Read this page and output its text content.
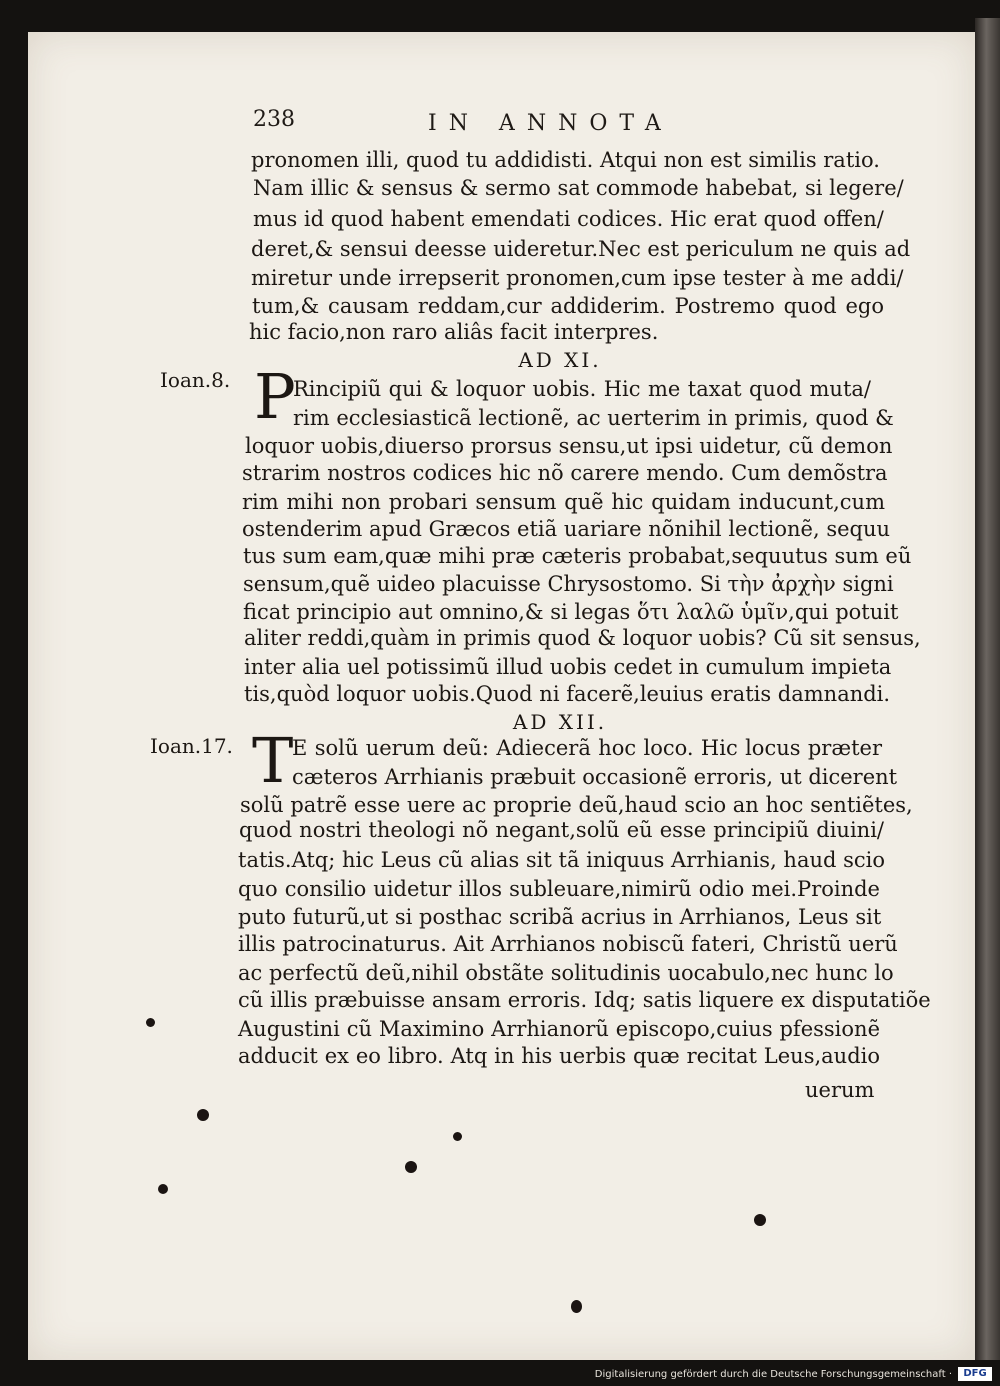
238	IN ANNOTA
pronomen illi, quod tu addidisti. Atqui non est similis ratio.
Nam illic & sensus & sermo sat commode habebat, si legere/
mus id quod habent emendati codices. Hic erat quod offen/
deret,& sensui deesse uideretur.Nec est periculum ne quis ad
miretur unde irrepserit pronomen,cum ipse tester à me addi/
tum,& causam reddam,cur addiderim. Postremo quod ego
hic facio,non raro aliâs facit interpres.
AD XI.
Ioan.8. P
Rincipiũ qui & loquor uobis. Hic me taxat quod muta/
rim ecclesiasticã lectionẽ, ac uerterim in primis, quod &
loquor uobis,diuerso prorsus sensu,ut ipsi uidetur, cũ demon
strarim nostros codices hic nõ carere mendo. Cum demõstra
rim mihi non probari sensum quẽ hic quidam inducunt,cum
ostenderim apud Græcos etiã uariare nõnihil lectionẽ, sequu
tus sum eam,quæ mihi præ cæteris probabat,sequutus sum eũ
sensum,quẽ uideo placuisse Chrysostomo. Si τὴν ἀρχὴν signi
ficat principio aut omnino,& si legas ὅτι λαλῶ ὑμῖν,qui potuit
aliter reddi,quàm in primis quod & loquor uobis? Cũ sit sensus,
inter alia uel potissimũ illud uobis cedet in cumulum impieta
tis,quòd loquor uobis.Quod ni facerẽ,leuius eratis damnandi.
AD XII.
Ioan.17. T
E solũ uerum deũ: Adiecerã hoc loco. Hic locus præter
cæteros Arrhianis præbuit occasionẽ erroris, ut dicerent
solũ patrẽ esse uere ac proprie deũ,haud scio an hoc sentiẽtes,
quod nostri theologi nõ negant,solũ eũ esse principiũ diuini/
tatis.Atq; hic Leus cũ alias sit tã iniquus Arrhianis, haud scio
quo consilio uidetur illos subleuare,nimirũ odio mei.Proinde
puto futurũ,ut si posthac scribã acrius in Arrhianos, Leus sit
illis patrocinaturus. Ait Arrhianos nobiscũ fateri, Christũ uerũ
ac perfectũ deũ,nihil obstãte solitudinis uocabulo,nec hunc lo
cũ illis præbuisse ansam erroris. Idq; satis liquere ex disputatiõe
Augustini cũ Maximino Arrhianorũ episcopo,cuius pfessionẽ
adducit ex eo libro. Atq in his uerbis quæ recitat Leus,audio
uerum
Digitalisierung gefördert durch die Deutsche Forschungsgemeinschaft ·	DFG
